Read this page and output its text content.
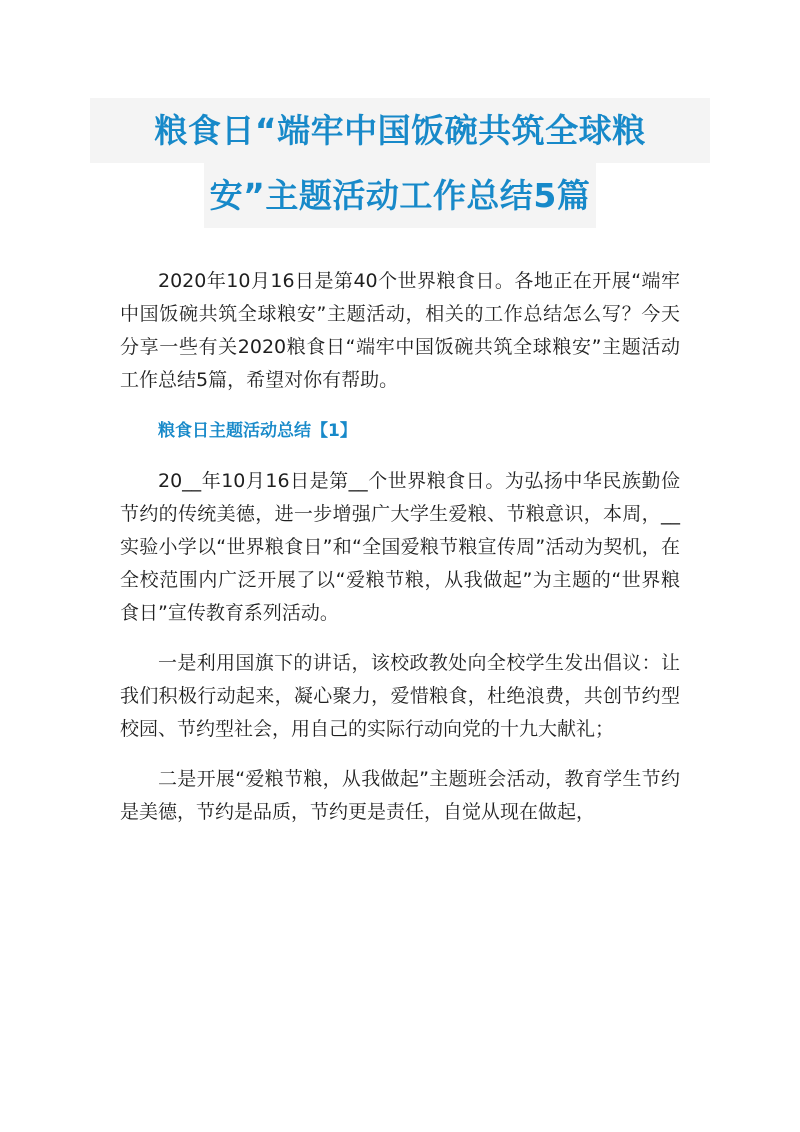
粮食日“端牢中国饭碗共筑全球粮
安”主题活动工作总结5篇

2020年10月16日是第40个世界粮食日。各地正在开展“端牢中国饭碗共筑全球粮安”主题活动，相关的工作总结怎么写？今天分享一些有关2020粮食日“端牢中国饭碗共筑全球粮安”主题活动工作总结5篇，希望对你有帮助。

粮食日主题活动总结【1】

20__年10月16日是第__个世界粮食日。为弘扬中华民族勤俭节约的传统美德，进一步增强广大学生爱粮、节粮意识，本周，__实验小学以“世界粮食日”和“全国爱粮节粮宣传周”活动为契机，在全校范围内广泛开展了以“爱粮节粮，从我做起”为主题的“世界粮食日”宣传教育系列活动。

一是利用国旗下的讲话，该校政教处向全校学生发出倡议：让我们积极行动起来，凝心聚力，爱惜粮食，杜绝浪费，共创节约型校园、节约型社会，用自己的实际行动向党的十九大献礼；

二是开展“爱粮节粮，从我做起”主题班会活动，教育学生节约是美德，节约是品质，节约更是责任，自觉从现在做起，
